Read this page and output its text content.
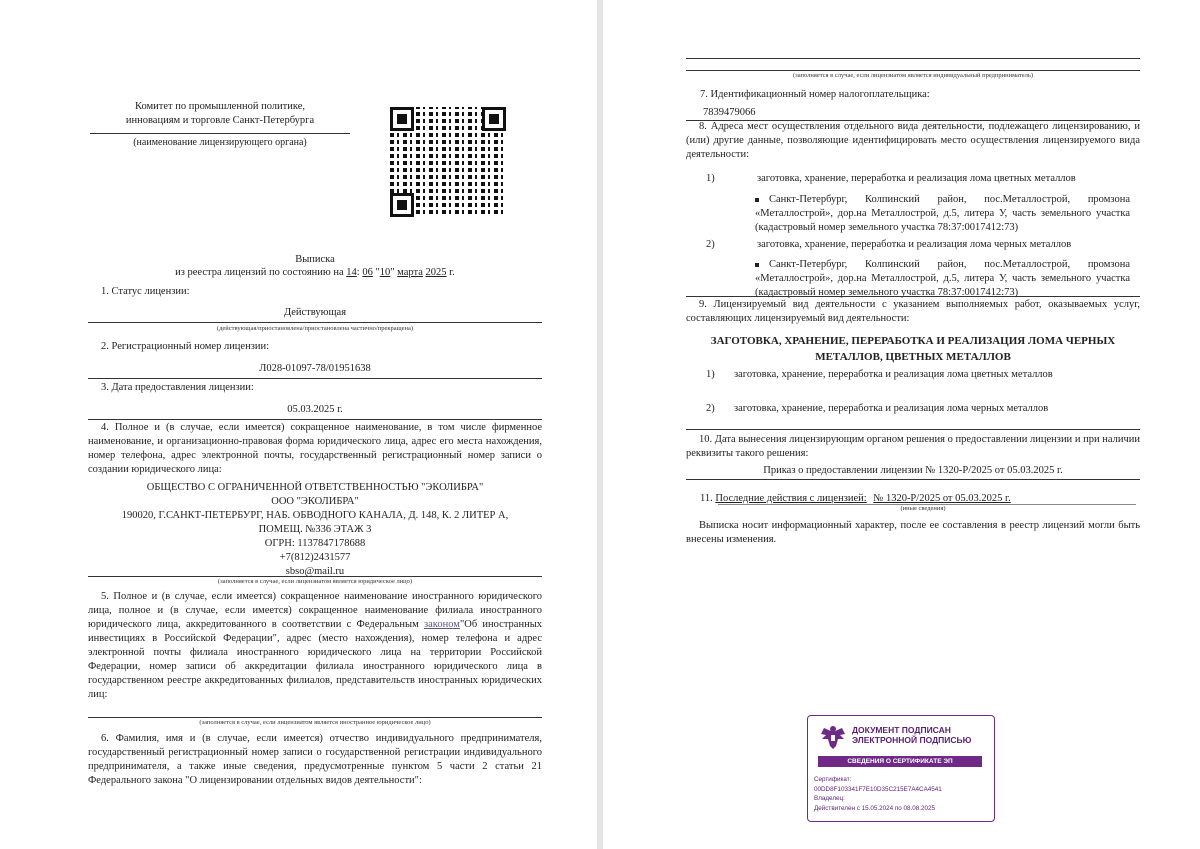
Комитет по промышленной политике,
инновациям и торговле Санкт-Петербурга
(наименование лицензирующего органа)
Выписка
из реестра лицензий по состоянию на 14: 06 "10" марта 2025 г.
1. Статус лицензии:
Действующая
(действующая/приостановлена/приостановлена частично/прекращена)
2. Регистрационный номер лицензии:
Л028-01097-78/01951638
3. Дата предоставления лицензии:
05.03.2025 г.
4. Полное и (в случае, если имеется) сокращенное наименование, в том числе фирменное наименование, и организационно-правовая форма юридического лица, адрес его места нахождения, номер телефона, адрес электронной почты, государственный регистрационный номер записи о создании юридического лица:
ОБЩЕСТВО С ОГРАНИЧЕННОЙ ОТВЕТСТВЕННОСТЬЮ "ЭКОЛИБРА"
ООО "ЭКОЛИБРА"
190020, Г.САНКТ-ПЕТЕРБУРГ, НАБ. ОБВОДНОГО КАНАЛА, Д. 148, К. 2 ЛИТЕР А,
ПОМЕЩ. №336 ЭТАЖ 3
ОГРН: 1137847178688
+7(812)2431577
sbso@mail.ru
(заполняется в случае, если лицензиатом является юридическое лицо)
5. Полное и (в случае, если имеется) сокращенное наименование иностранного юридического лица, полное и (в случае, если имеется) сокращенное наименование филиала иностранного юридического лица, аккредитованного в соответствии с Федеральным законом"Об иностранных инвестициях в Российской Федерации", адрес (место нахождения), номер телефона и адрес электронной почты филиала иностранного юридического лица на территории Российской Федерации, номер записи об аккредитации филиала иностранного юридического лица в государственном реестре аккредитованных филиалов, представительств иностранных юридических лиц:
(заполняется в случае, если лицензиатом является иностранное юридическое лицо)
6. Фамилия, имя и (в случае, если имеется) отчество индивидуального предпринимателя, государственный регистрационный номер записи о государственной регистрации индивидуального предпринимателя, а также иные сведения, предусмотренные пунктом 5 части 2 статьи 21 Федерального закона "О лицензировании отдельных видов деятельности":
(заполняется в случае, если лицензиатом является индивидуальный предприниматель)
7. Идентификационный номер налогоплательщика:
7839479066
8. Адреса мест осуществления отдельного вида деятельности, подлежащего лицензированию, и (или) другие данные, позволяющие идентифицировать место осуществления лицензируемого вида деятельности:
1)	заготовка, хранение, переработка и реализация лома цветных металлов
Санкт-Петербург, Колпинский район, пос.Металлострой, промзона «Металлострой», дор.на Металлострой, д.5, литера У, часть земельного участка (кадастровый номер земельного участка 78:37:0017412:73)
2)	заготовка, хранение, переработка и реализация лома черных металлов
Санкт-Петербург, Колпинский район, пос.Металлострой, промзона «Металлострой», дор.на Металлострой, д.5, литера У, часть земельного участка (кадастровый номер земельного участка 78:37:0017412:73)
9. Лицензируемый вид деятельности с указанием выполняемых работ, оказываемых услуг, составляющих лицензируемый вид деятельности:
ЗАГОТОВКА, ХРАНЕНИЕ, ПЕРЕРАБОТКА И РЕАЛИЗАЦИЯ ЛОМА ЧЕРНЫХ
МЕТАЛЛОВ, ЦВЕТНЫХ МЕТАЛЛОВ
1) заготовка, хранение, переработка и реализация лома цветных металлов
2) заготовка, хранение, переработка и реализация лома черных металлов
10. Дата вынесения лицензирующим органом решения о предоставлении лицензии и при наличии реквизиты такого решения:
Приказ о предоставлении лицензии № 1320-Р/2025 от 05.03.2025 г.
11. Последние действия с лицензией: № 1320-Р/2025 от 05.03.2025 г.
(иные сведения)
Выписка носит информационный характер, после ее составления в реестр лицензий могли быть внесены изменения.
ДОКУМЕНТ ПОДПИСАН
ЭЛЕКТРОННОЙ ПОДПИСЬЮ
СВЕДЕНИЯ О СЕРТИФИКАТЕ ЭП
Сертификат:
00DD8F103341F7E10D35C215E7A4CA4541
Владелец:
Действителен с 15.05.2024 по 08.08.2025
